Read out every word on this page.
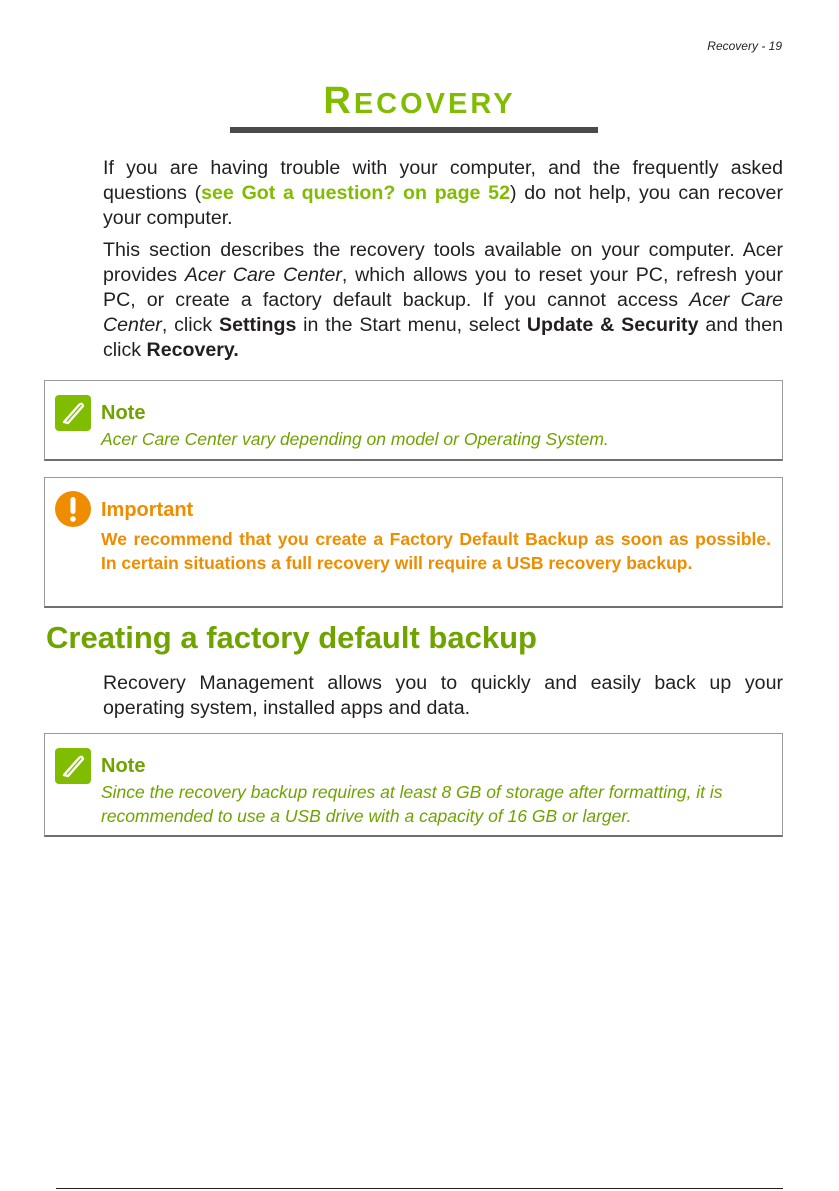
Recovery - 19
RECOVERY

If you are having trouble with your computer, and the frequently asked questions (see Got a question? on page 52) do not help, you can recover your computer.

This section describes the recovery tools available on your computer. Acer provides Acer Care Center, which allows you to reset your PC, refresh your PC, or create a factory default backup. If you cannot access Acer Care Center, click Settings in the Start menu, select Update & Security and then click Recovery.

Note
Acer Care Center vary depending on model or Operating System.
Important
We recommend that you create a Factory Default Backup as soon as possible. In certain situations a full recovery will require a USB recovery backup.
Creating a factory default backup

Recovery Management allows you to quickly and easily back up your operating system, installed apps and data.

Note
Since the recovery backup requires at least 8 GB of storage after formatting, it is recommended to use a USB drive with a capacity of 16 GB or larger.
